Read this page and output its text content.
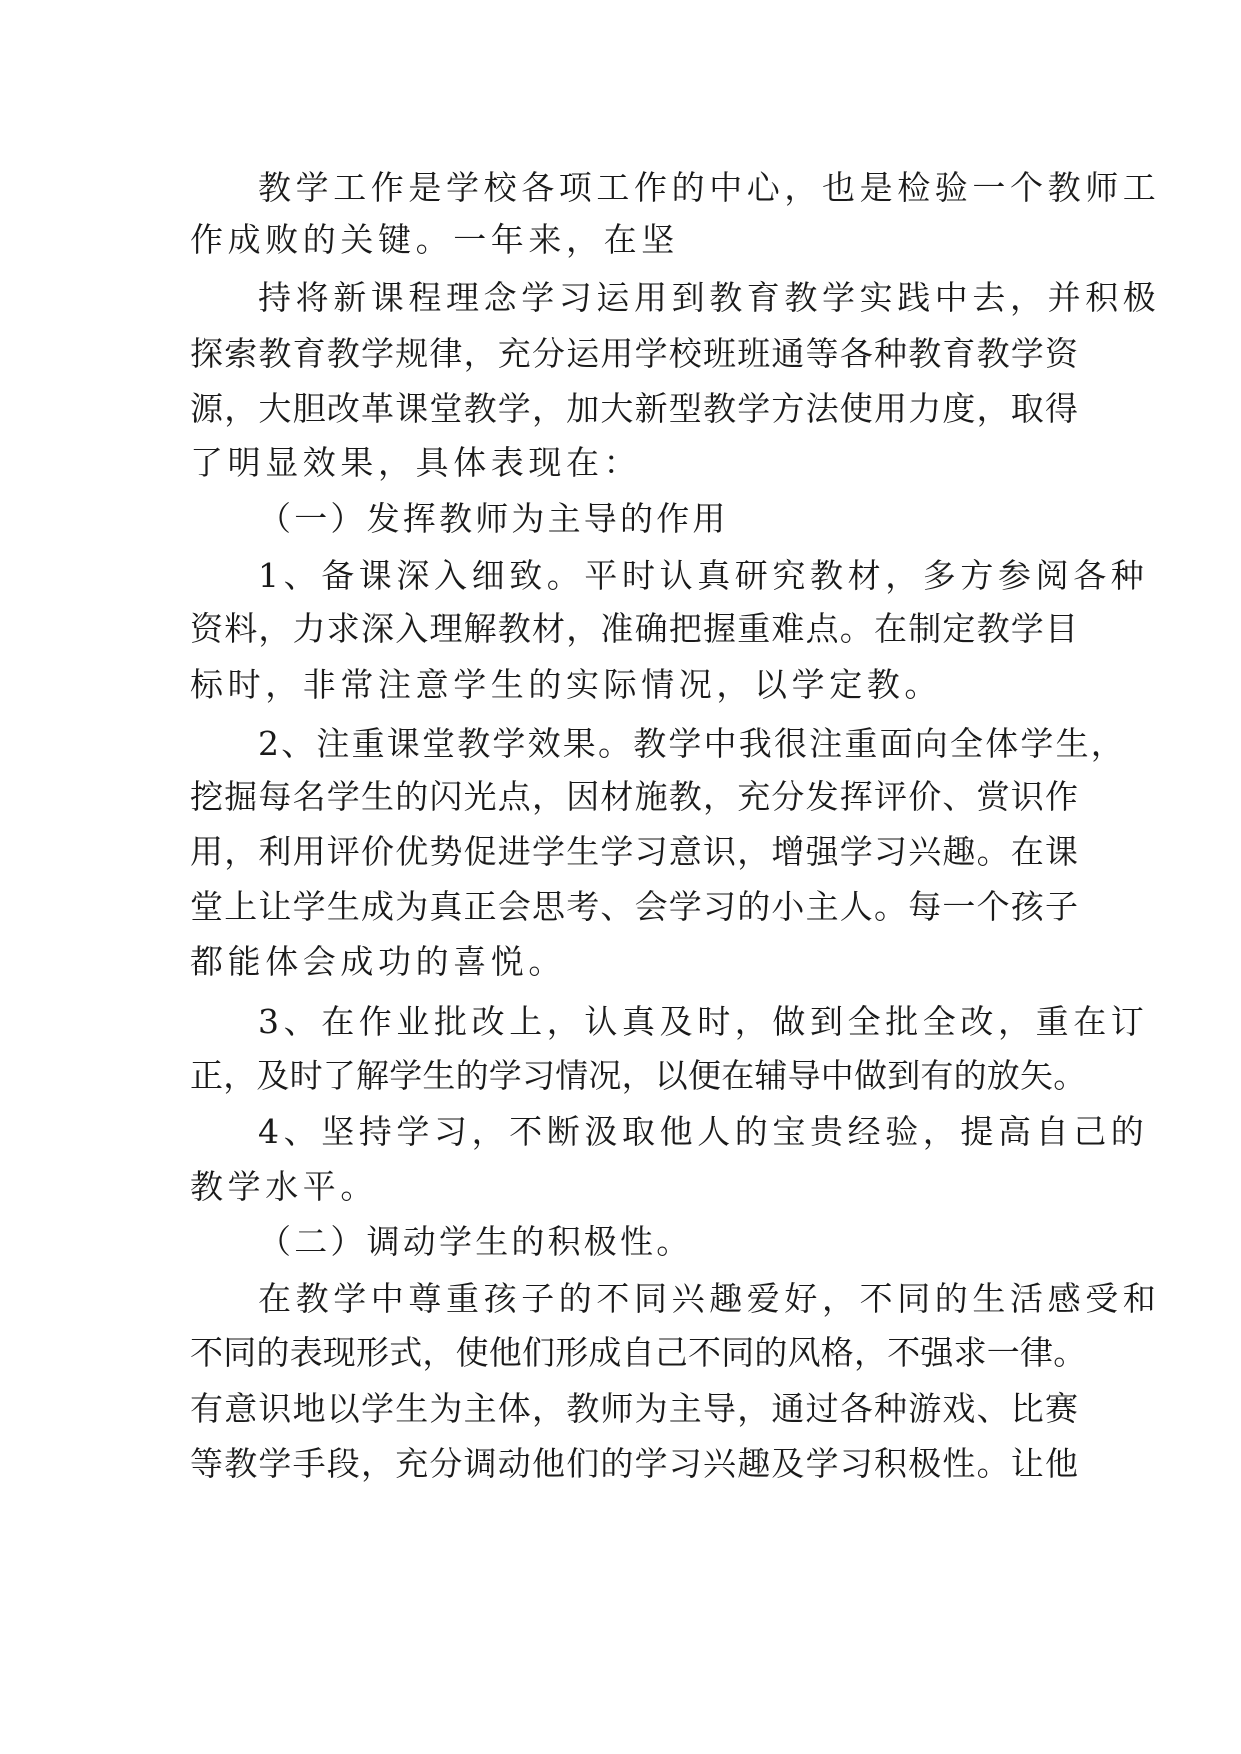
教学工作是学校各项工作的中心，也是检验一个教师工
作成败的关键。一年来，在坚
持将新课程理念学习运用到教育教学实践中去，并积极
探索教育教学规律，充分运用学校班班通等各种教育教学资
源，大胆改革课堂教学，加大新型教学方法使用力度，取得
了明显效果，具体表现在：
（一）发挥教师为主导的作用
1、备课深入细致。平时认真研究教材，多方参阅各种
资料，力求深入理解教材，准确把握重难点。在制定教学目
标时，非常注意学生的实际情况，以学定教。
2、注重课堂教学效果。教学中我很注重面向全体学生，
挖掘每名学生的闪光点，因材施教，充分发挥评价、赏识作
用，利用评价优势促进学生学习意识，增强学习兴趣。在课
堂上让学生成为真正会思考、会学习的小主人。每一个孩子
都能体会成功的喜悦。
3、在作业批改上，认真及时，做到全批全改，重在订
正，及时了解学生的学习情况，以便在辅导中做到有的放矢。
4、坚持学习，不断汲取他人的宝贵经验，提高自己的
教学水平。
（二）调动学生的积极性。
在教学中尊重孩子的不同兴趣爱好，不同的生活感受和
不同的表现形式，使他们形成自己不同的风格，不强求一律。
有意识地以学生为主体，教师为主导，通过各种游戏、比赛
等教学手段，充分调动他们的学习兴趣及学习积极性。让他
